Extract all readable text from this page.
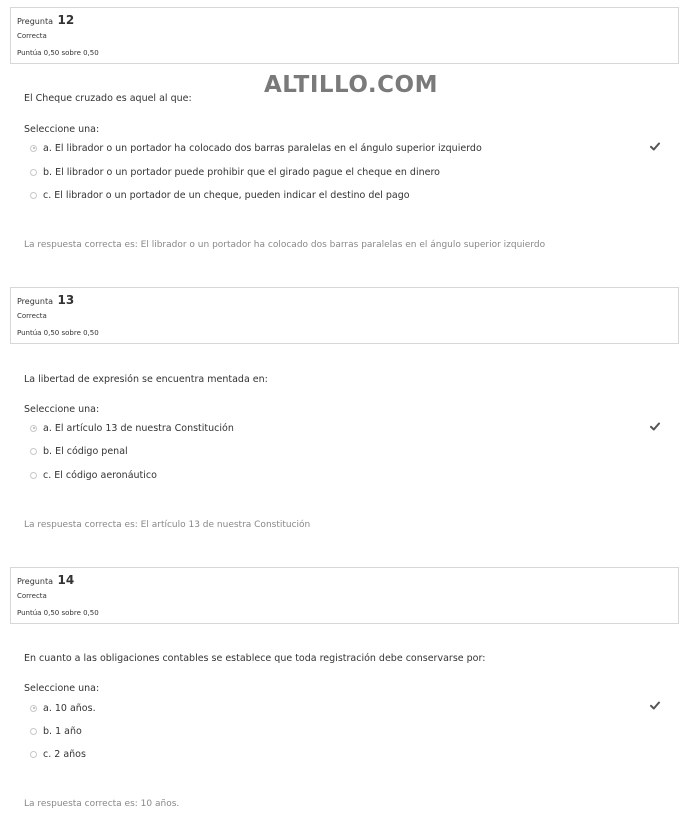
ALTILLO.COM
Pregunta 12
Correcta
Puntúa 0,50 sobre 0,50
El Cheque cruzado es aquel al que:
Seleccione una:
a. El librador o un portador ha colocado dos barras paralelas en el ángulo superior izquierdo
b. El librador o un portador puede prohibir que el girado pague el cheque en dinero
c. El librador o un portador de un cheque, pueden indicar el destino del pago
La respuesta correcta es: El librador o un portador ha colocado dos barras paralelas en el ángulo superior izquierdo
Pregunta 13
Correcta
Puntúa 0,50 sobre 0,50
La libertad de expresión se encuentra mentada en:
Seleccione una:
a. El artículo 13 de nuestra Constitución
b. El código penal
c. El código aeronáutico
La respuesta correcta es: El artículo 13 de nuestra Constitución
Pregunta 14
Correcta
Puntúa 0,50 sobre 0,50
En cuanto a las obligaciones contables se establece que toda registración debe conservarse por:
Seleccione una:
a. 10 años.
b. 1 año
c. 2 años
La respuesta correcta es: 10 años.
